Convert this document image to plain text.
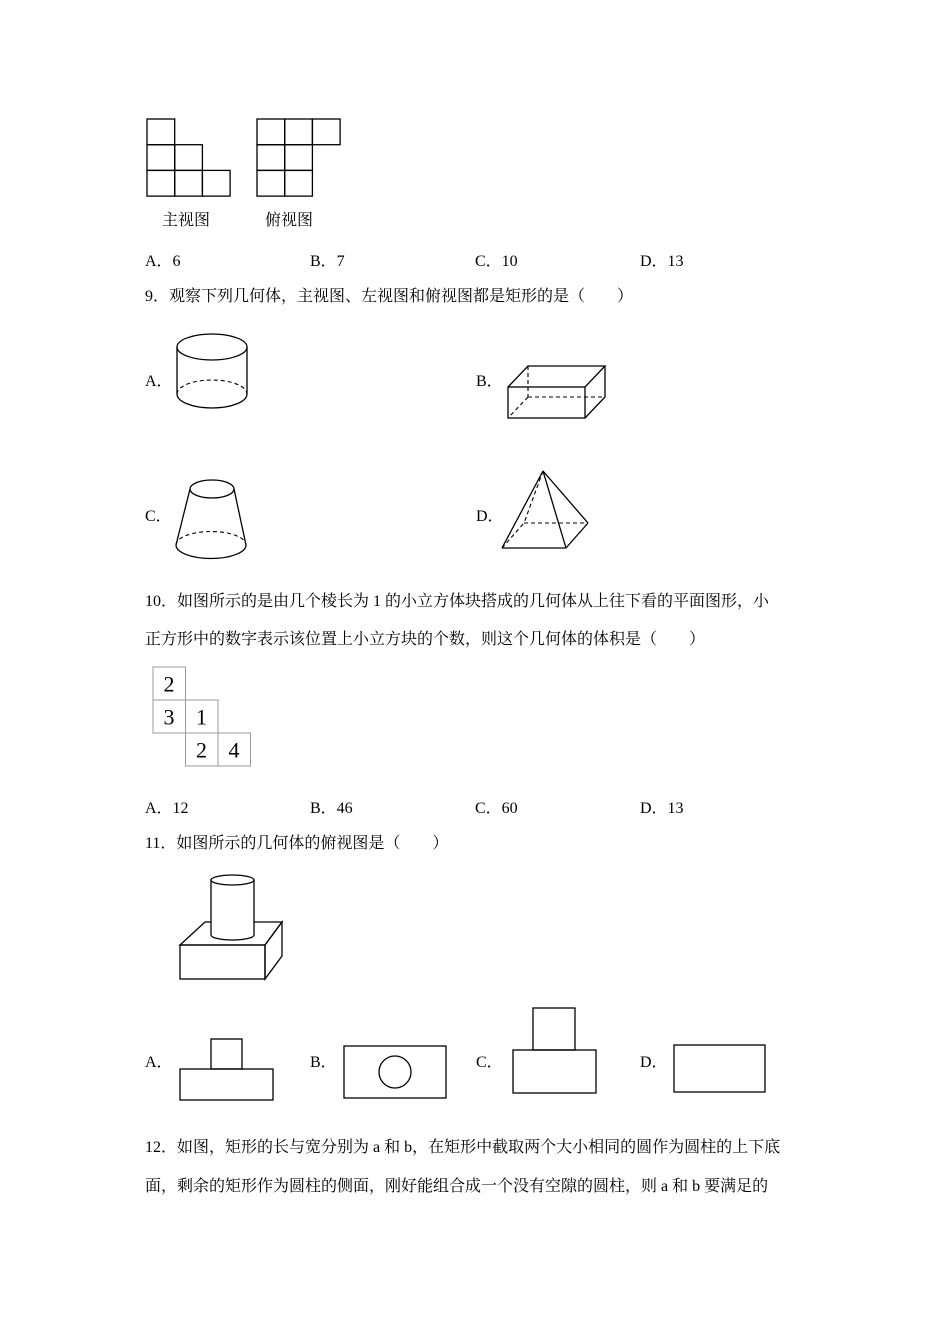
2
3 1
2 4
主视图	俯视图
A．6	B．7	C．10	D．13
9．观察下列几何体，主视图、左视图和俯视图都是矩形的是（　　）
A．	B．
C．	D．
10．如图所示的是由几个棱长为 1 的小立方体块搭成的几何体从上往下看的平面图形，小
正方形中的数字表示该位置上小立方块的个数，则这个几何体的体积是（　　）
A．12	B．46	C．60	D．13
11．如图所示的几何体的俯视图是（　　）
A．	B．	C．	D．
12．如图，矩形的长与宽分别为 a 和 b，在矩形中截取两个大小相同的圆作为圆柱的上下底
面，剩余的矩形作为圆柱的侧面，刚好能组合成一个没有空隙的圆柱，则 a 和 b 要满足的
